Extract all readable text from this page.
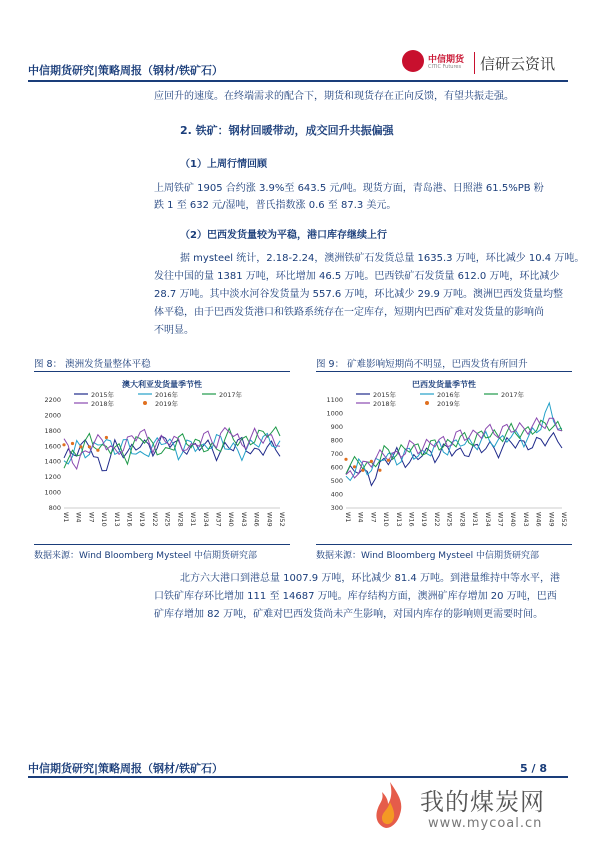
中信期货研究|策略周报（钢材/铁矿石）
中信期货
CITIC Futures 信研云资讯
应回升的速度。在终端需求的配合下，期货和现货存在正向反馈，有望共振走强。
2. 铁矿：钢材回暖带动，成交回升共振偏强
（1）上周行情回顾
上周铁矿 1905 合约涨 3.9%至 643.5 元/吨。现货方面，青岛港、日照港 61.5%PB 粉
跌 1 至 632 元/湿吨，普氏指数涨 0.6 至 87.3 美元。
（2）巴西发货量较为平稳，港口库存继续上行
据 mysteel 统计，2.18-2.24，澳洲铁矿石发货总量 1635.3 万吨，环比减少 10.4 万吨。
发往中国的量 1381 万吨，环比增加 46.5 万吨。巴西铁矿石发货量 612.0 万吨，环比减少
28.7 万吨。其中淡水河谷发货量为 557.6 万吨，环比减少 29.9 万吨。澳洲巴西发货量均整
体平稳，由于巴西发货港口和铁路系统存在一定库存，短期内巴西矿难对发货量的影响尚
不明显。
图 8： 澳洲发货量整体平稳	图 9： 矿难影响短期尚不明显，巴西发货有所回升
澳大利亚发货量季节性
2015年	2016年	2017年
2018年	2019年
800
1000
1200
1400
1600
1800
2000
2200
W1 W4 W7 W10 W13 W16 W19 W22 W25 W28 W31 W34 W37 W40 W43 W46 W49 W52
巴西发货量季节性
2015年	2016年	2017年
2018年	2019年
300
400
500
600
700
800
900
1000
1100
W1 W4 W7 W10 W13 W16 W19 W22 W25 W28 W31 W34 W37 W40 W43 W46 W49 W52
数据来源：Wind Bloomberg Mysteel 中信期货研究部	数据来源：Wind Bloomberg Mysteel 中信期货研究部
北方六大港口到港总量 1007.9 万吨，环比减少 81.4 万吨。到港量维持中等水平，港
口铁矿库存环比增加 111 至 14687 万吨。库存结构方面，澳洲矿库存增加 20 万吨，巴西
矿库存增加 82 万吨，矿难对巴西发货尚未产生影响，对国内库存的影响则更需要时间。
中信期货研究|策略周报（钢材/铁矿石）	5 / 8
我的煤炭网
www.mycoal.cn
